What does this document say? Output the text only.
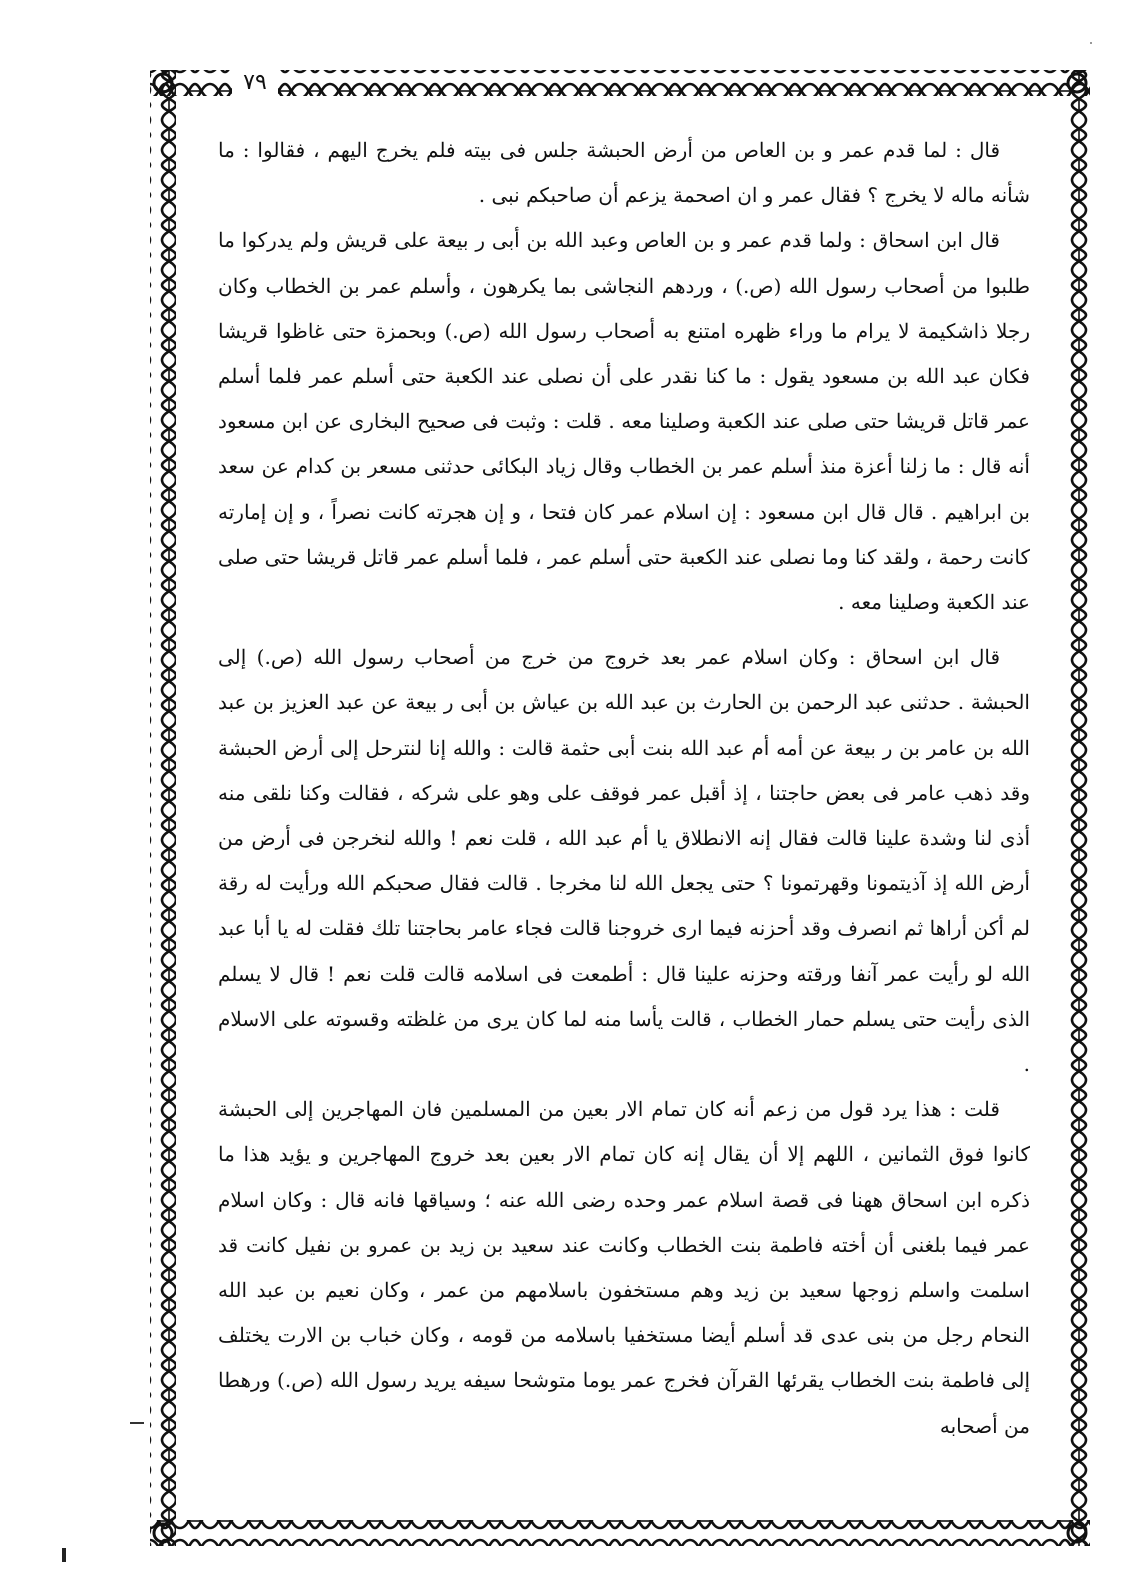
٧٩

قال : لما قدم عمر و بن العاص من أرض الحبشة جلس فى بيته فلم يخرج اليهم ، فقالوا : ما شأنه ماله لا يخرج ؟ فقال عمر و ان اصحمة يزعم أن صاحبكم نبى .

قال ابن اسحاق : ولما قدم عمر و بن العاص وعبد الله بن أبى ر بيعة على قريش ولم يدركوا ما طلبوا من أصحاب رسول الله (ص.) ، وردهم النجاشى بما يكرهون ، وأسلم عمر بن الخطاب وكان رجلا ذاشكيمة لا يرام ما وراء ظهره امتنع به أصحاب رسول الله (ص.) وبحمزة حتى غاظوا قريشا فكان عبد الله بن مسعود يقول : ما كنا نقدر على أن نصلى عند الكعبة حتى أسلم عمر فلما أسلم عمر قاتل قريشا حتى صلى عند الكعبة وصلينا معه . قلت : وثبت فى صحيح البخارى عن ابن مسعود أنه قال : ما زلنا أعزة منذ أسلم عمر بن الخطاب وقال زياد البكائى حدثنى مسعر بن كدام عن سعد بن ابراهيم . قال قال ابن مسعود : إن اسلام عمر كان فتحا ، و إن هجرته كانت نصراً ، و إن إمارته كانت رحمة ، ولقد كنا وما نصلى عند الكعبة حتى أسلم عمر ، فلما أسلم عمر قاتل قريشا حتى صلى عند الكعبة وصلينا معه .

قال ابن اسحاق : وكان اسلام عمر بعد خروج من خرج من أصحاب رسول الله (ص.) إلى الحبشة . حدثنى عبد الرحمن بن الحارث بن عبد الله بن عياش بن أبى ر بيعة عن عبد العزيز بن عبد الله بن عامر بن ر بيعة عن أمه أم عبد الله بنت أبى حثمة قالت : والله إنا لنترحل إلى أرض الحبشة وقد ذهب عامر فى بعض حاجتنا ، إذ أقبل عمر فوقف على وهو على شركه ، فقالت وكنا نلقى منه أذى لنا وشدة علينا قالت فقال إنه الانطلاق يا أم عبد الله ، قلت نعم ! والله لنخرجن فى أرض من أرض الله إذ آذيتمونا وقهرتمونا ؟ حتى يجعل الله لنا مخرجا . قالت فقال صحبكم الله ورأيت له رقة لم أكن أراها ثم انصرف وقد أحزنه فيما ارى خروجنا قالت فجاء عامر بحاجتنا تلك فقلت له يا أبا عبد الله لو رأيت عمر آنفا ورقته وحزنه علينا قال : أطمعت فى اسلامه قالت قلت نعم ! قال لا يسلم الذى رأيت حتى يسلم حمار الخطاب ، قالت يأسا منه لما كان يرى من غلظته وقسوته على الاسلام .

قلت : هذا يرد قول من زعم أنه كان تمام الار بعين من المسلمين فان المهاجرين إلى الحبشة كانوا فوق الثمانين ، اللهم إلا أن يقال إنه كان تمام الار بعين بعد خروج المهاجرين و يؤيد هذا ما ذكره ابن اسحاق ههنا فى قصة اسلام عمر وحده رضى الله عنه ؛ وسياقها فانه قال : وكان اسلام عمر فيما بلغنى أن أخته فاطمة بنت الخطاب وكانت عند سعيد بن زيد بن عمرو بن نفيل كانت قد اسلمت واسلم زوجها سعيد بن زيد وهم مستخفون باسلامهم من عمر ، وكان نعيم بن عبد الله النحام رجل من بنى عدى قد أسلم أيضا مستخفيا باسلامه من قومه ، وكان خباب بن الارت يختلف إلى فاطمة بنت الخطاب يقرئها القرآن فخرج عمر يوما متوشحا سيفه يريد رسول الله (ص.) ورهطا من أصحابه
